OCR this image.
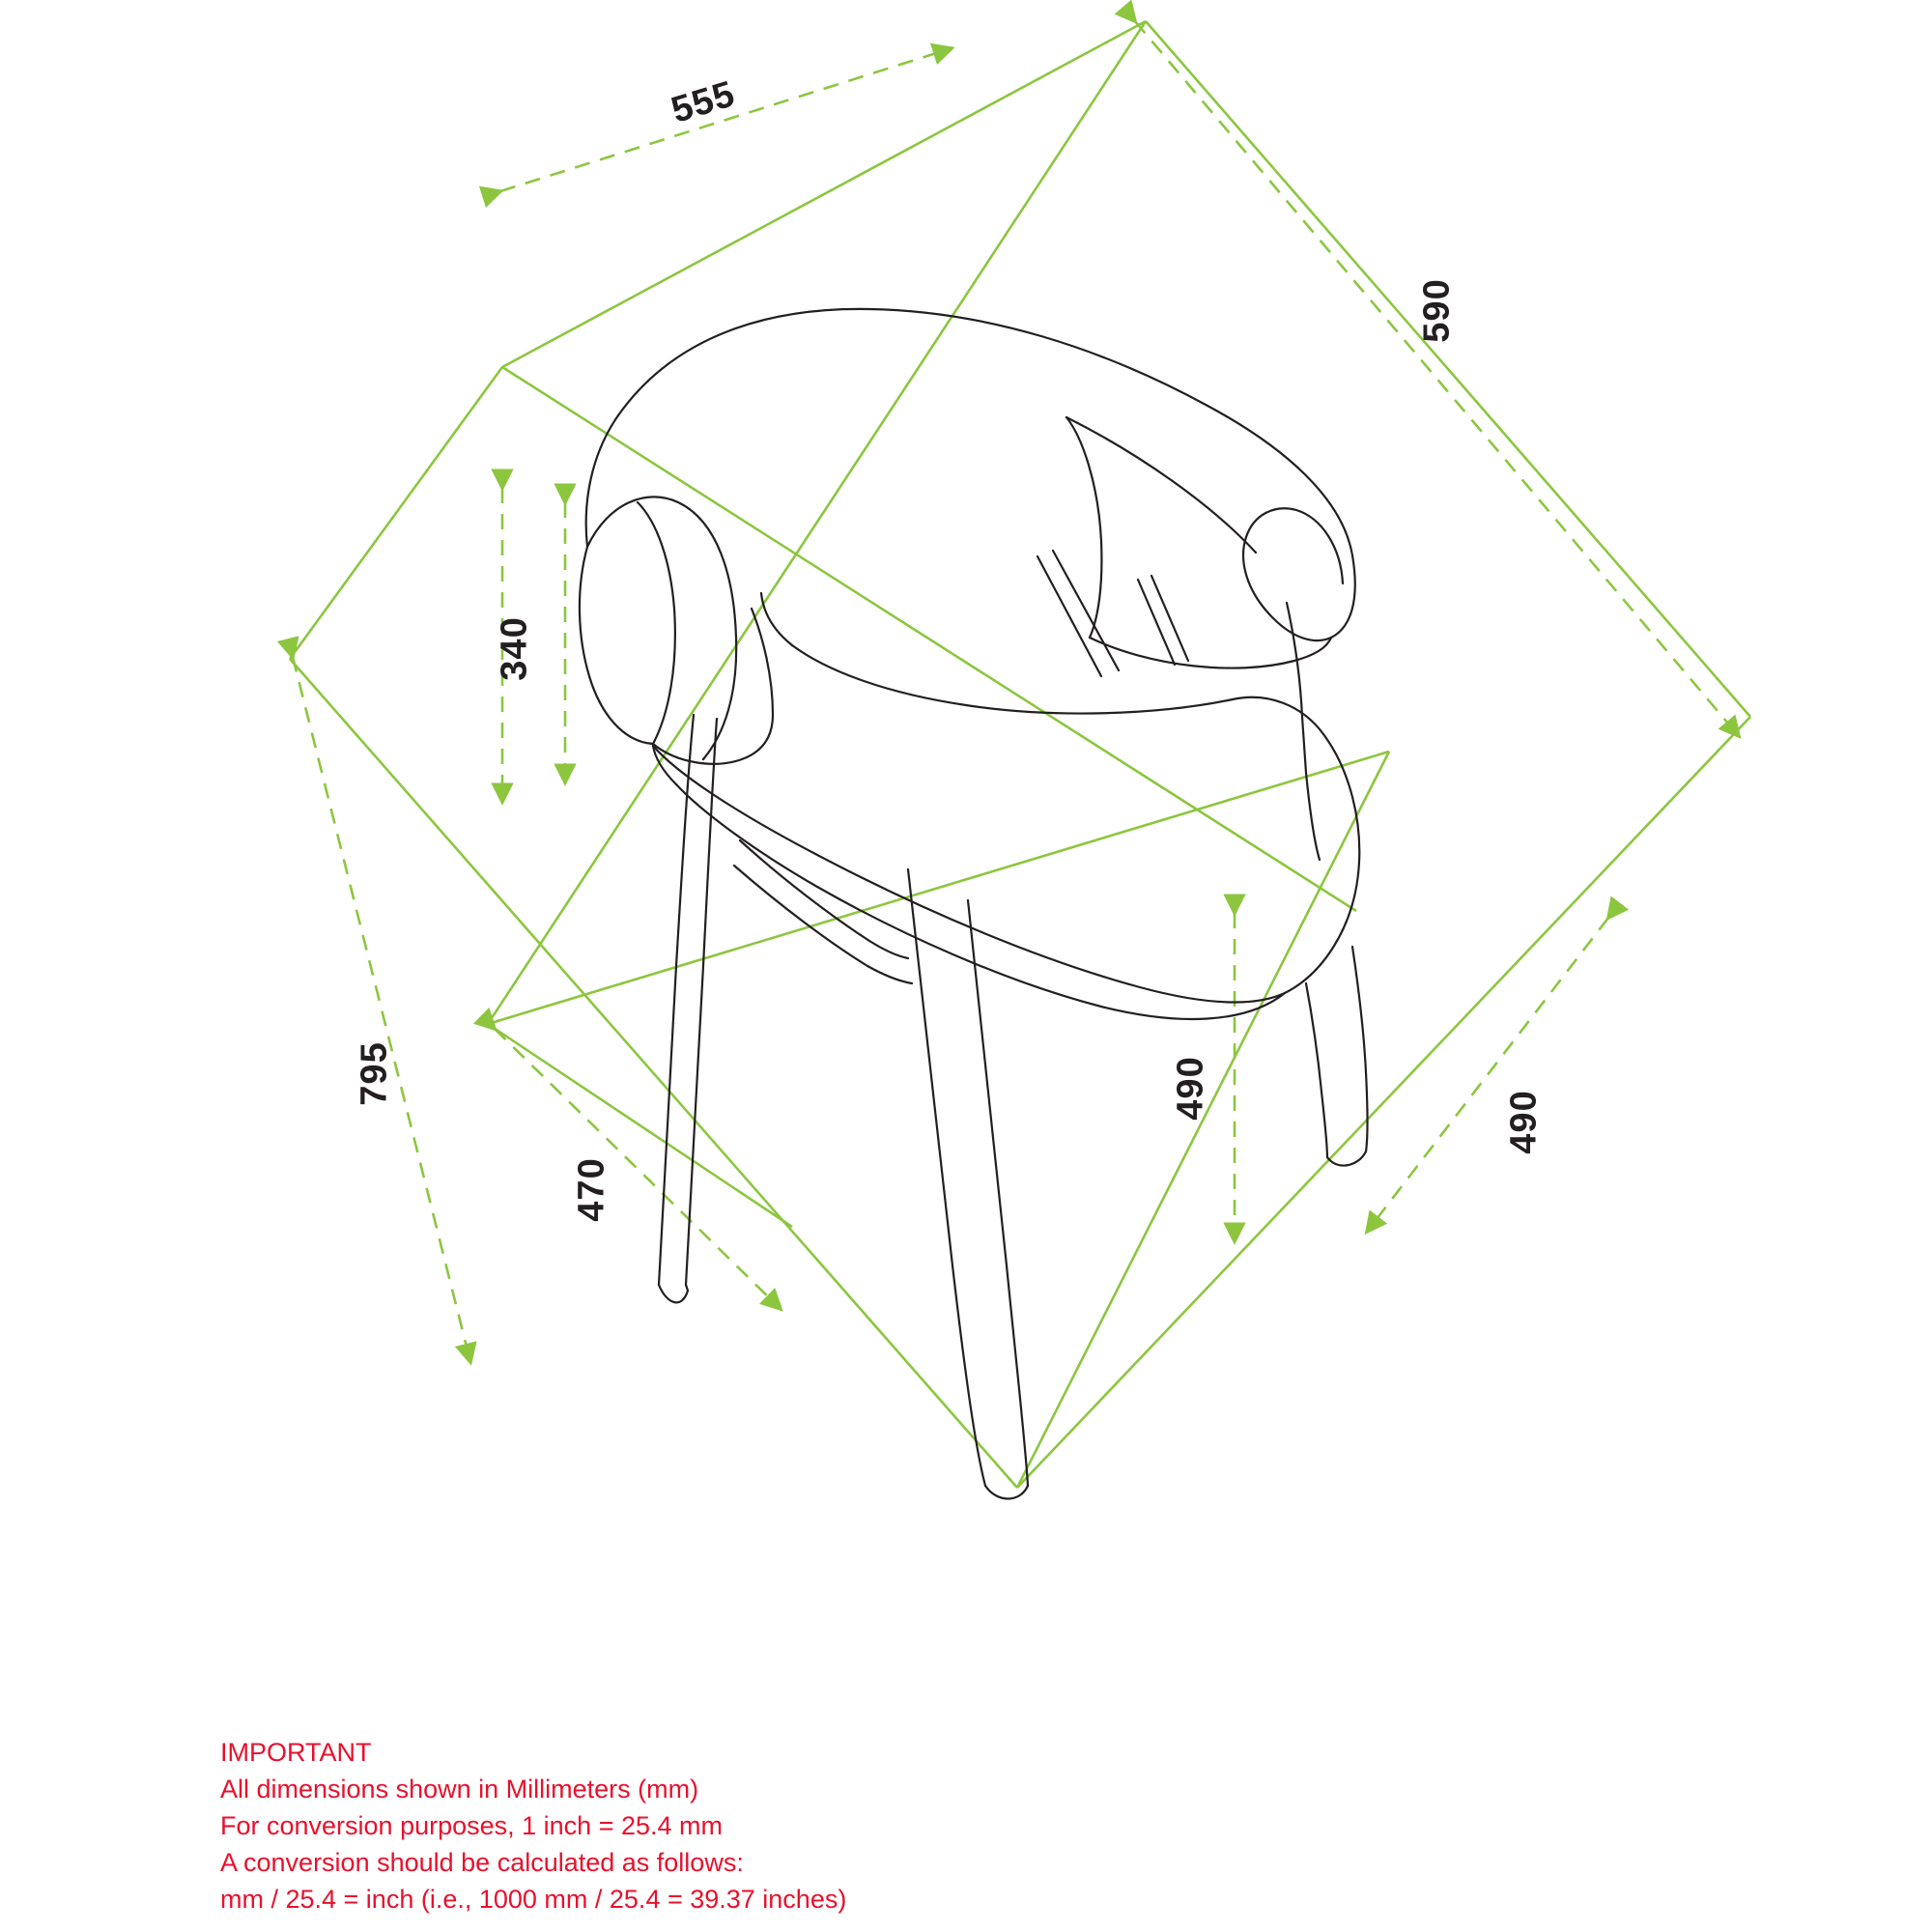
555
590
340
795
470
490
490
IMPORTANT
All dimensions shown in Millimeters (mm)
For conversion purposes, 1 inch = 25.4 mm
A conversion should be calculated as follows:
mm / 25.4 = inch (i.e., 1000 mm / 25.4 = 39.37 inches)
